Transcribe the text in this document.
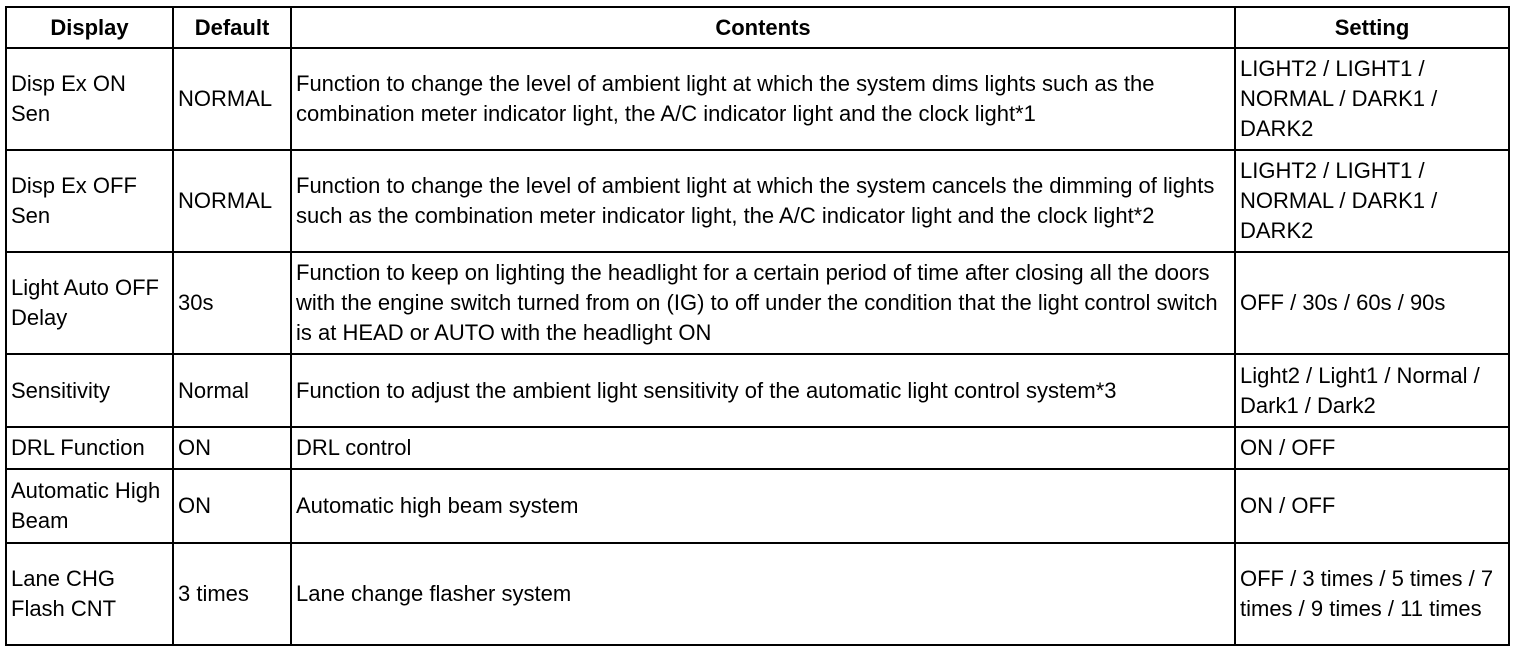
Display	Default	Contents	Setting
Disp Ex ON Sen	NORMAL	Function to change the level of ambient light at which the system dims lights such as the combination meter indicator light, the A/C indicator light and the clock light*1	LIGHT2 / LIGHT1 / NORMAL / DARK1 / DARK2
Disp Ex OFF Sen	NORMAL	Function to change the level of ambient light at which the system cancels the dimming of lights such as the combination meter indicator light, the A/C indicator light and the clock light*2	LIGHT2 / LIGHT1 / NORMAL / DARK1 / DARK2
Light Auto OFF Delay	30s	Function to keep on lighting the headlight for a certain period of time after closing all the doors with the engine switch turned from on (IG) to off under the condition that the light control switch is at HEAD or AUTO with the headlight ON	OFF / 30s / 60s / 90s
Sensitivity	Normal	Function to adjust the ambient light sensitivity of the automatic light control system*3	Light2 / Light1 / Normal / Dark1 / Dark2
DRL Function	ON	DRL control	ON / OFF
Automatic High Beam	ON	Automatic high beam system	ON / OFF
Lane CHG Flash CNT	3 times	Lane change flasher system	OFF / 3 times / 5 times / 7 times / 9 times / 11 times
